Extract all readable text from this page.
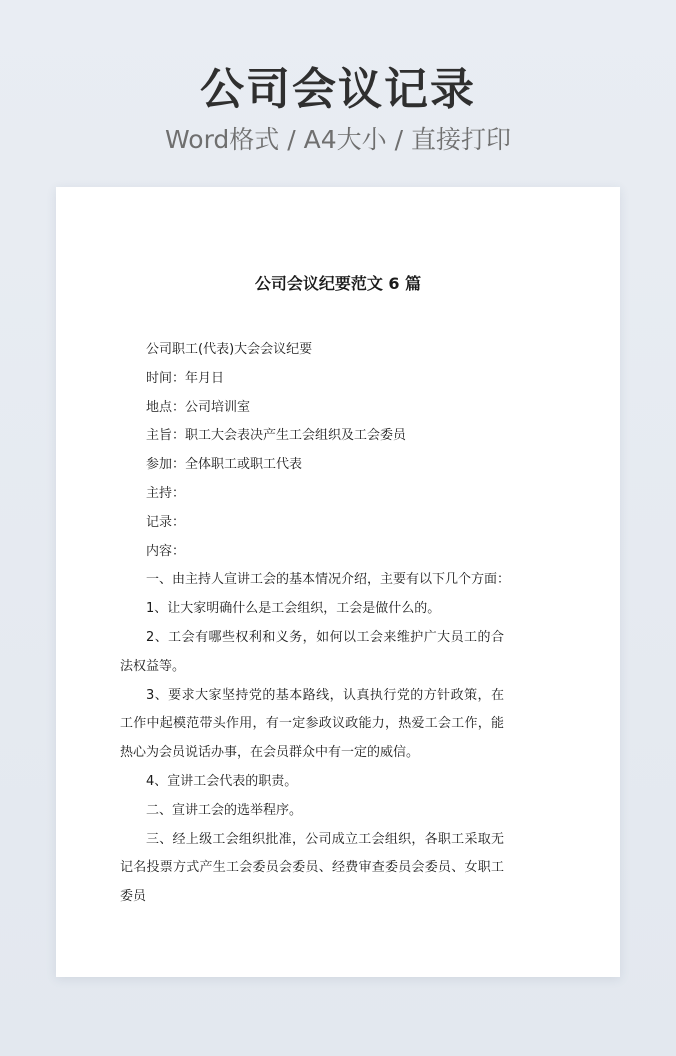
公司会议记录
Word格式 / A4大小 / 直接打印
公司会议纪要范文 6 篇

公司职工(代表)大会会议纪要

时间：年月日

地点：公司培训室

主旨：职工大会表决产生工会组织及工会委员

参加：全体职工或职工代表

主持：

记录：

内容：

一、由主持人宣讲工会的基本情况介绍，主要有以下几个方面：

1、让大家明确什么是工会组织，工会是做什么的。

2、工会有哪些权利和义务，如何以工会来维护广大员工的合法权益等。

3、要求大家坚持党的基本路线，认真执行党的方针政策，在工作中起模范带头作用，有一定参政议政能力，热爱工会工作，能热心为会员说话办事，在会员群众中有一定的威信。

4、宣讲工会代表的职责。

二、宣讲工会的选举程序。

三、经上级工会组织批准，公司成立工会组织，各职工采取无记名投票方式产生工会委员会委员、经费审查委员会委员、女职工委员
